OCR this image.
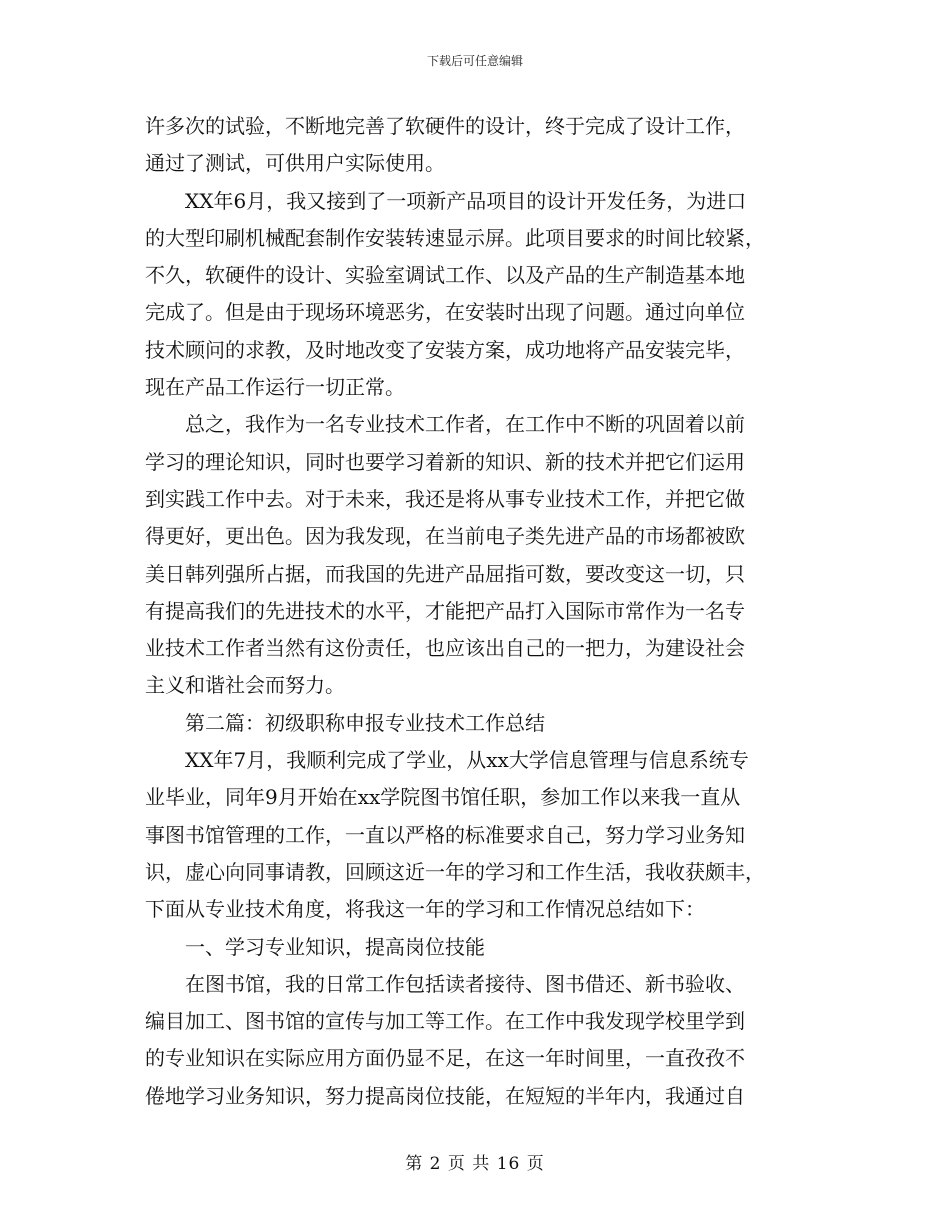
下载后可任意编辑
许多次的试验，不断地完善了软硬件的设计，终于完成了设计工作，
通过了测试，可供用户实际使用。
　　XX年6月，我又接到了一项新产品项目的设计开发任务，为进口
的大型印刷机械配套制作安装转速显示屏。此项目要求的时间比较紧，
不久，软硬件的设计、实验室调试工作、以及产品的生产制造基本地
完成了。但是由于现场环境恶劣，在安装时出现了问题。通过向单位
技术顾问的求教，及时地改变了安装方案，成功地将产品安装完毕，
现在产品工作运行一切正常。
　　总之，我作为一名专业技术工作者，在工作中不断的巩固着以前
学习的理论知识，同时也要学习着新的知识、新的技术并把它们运用
到实践工作中去。对于未来，我还是将从事专业技术工作，并把它做
得更好，更出色。因为我发现，在当前电子类先进产品的市场都被欧
美日韩列强所占据，而我国的先进产品屈指可数，要改变这一切，只
有提高我们的先进技术的水平，才能把产品打入国际市常作为一名专
业技术工作者当然有这份责任，也应该出自己的一把力，为建设社会
主义和谐社会而努力。
　　第二篇：初级职称申报专业技术工作总结
　　XX年7月，我顺利完成了学业，从xx大学信息管理与信息系统专
业毕业，同年9月开始在xx学院图书馆任职，参加工作以来我一直从
事图书馆管理的工作，一直以严格的标准要求自己，努力学习业务知
识，虚心向同事请教，回顾这近一年的学习和工作生活，我收获颇丰，
下面从专业技术角度，将我这一年的学习和工作情况总结如下：
　　一、学习专业知识，提高岗位技能
　　在图书馆，我的日常工作包括读者接待、图书借还、新书验收、
编目加工、图书馆的宣传与加工等工作。在工作中我发现学校里学到
的专业知识在实际应用方面仍显不足，在这一年时间里，一直孜孜不
倦地学习业务知识，努力提高岗位技能，在短短的半年内，我通过自
第 2 页 共 16 页
